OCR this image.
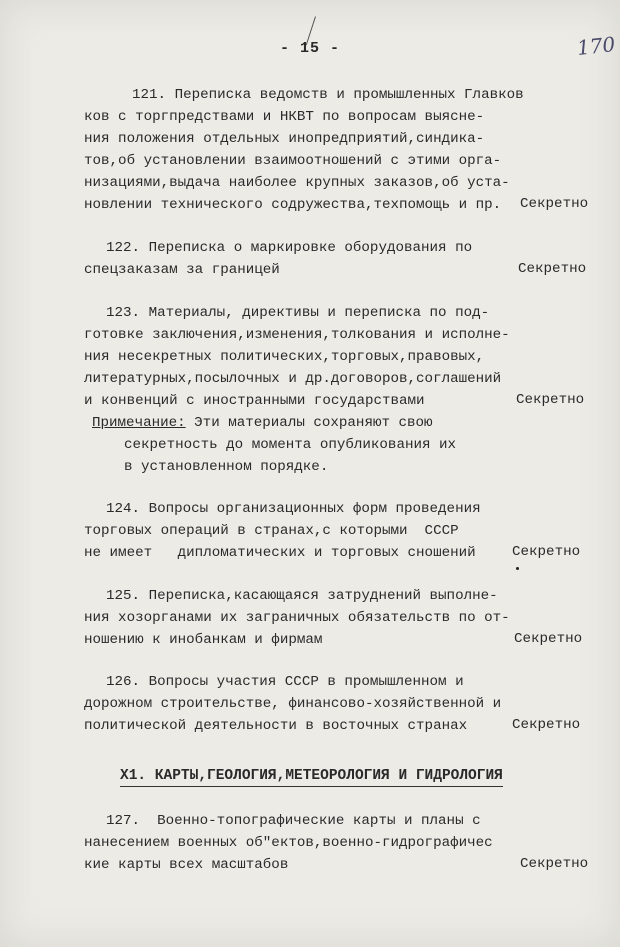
- 15 -	170
121. Переписка ведомств и промышленных Главков
ков с торгпредствами и НКВТ по вопросам выясне-
ния положения отдельных инопредприятий,синдика-
тов,об установлении взаимоотношений с этими орга-
низациями,выдача наиболее крупных заказов,об уста-
новлении технического содружества,техпомощь и пр. Секретно
122. Переписка о маркировке оборудования по
спецзаказам за границей	Секретно
123. Материалы, директивы и переписка по под-
готовке заключения,изменения,толкования и исполне-
ния несекретных политических,торговых,правовых,
литературных,посылочных и др.договоров,соглашений
и конвенций с иностранными государствами	Секретно
Примечание: Эти материалы сохраняют свою
секретность до момента опубликования их
в установленном порядке.
124. Вопросы организационных форм проведения
торговых операций в странах,с которыми  СССР
не имеет   дипломатических и торговых сношений	Секретно
125. Переписка,касающаяся затруднений выполне-
ния хозорганами их заграничных обязательств по от-
ношению к инобанкам и фирмам	Секретно
126. Вопросы участия СССР в промышленном и
дорожном строительстве, финансово-хозяйственной и
политической деятельности в восточных странах	Секретно
Х1. КАРТЫ,ГЕОЛОГИЯ,МЕТЕОРОЛОГИЯ И ГИДРОЛОГИЯ
127.  Военно-топографические карты и планы с
нанесением военных об"ектов,военно-гидрографичес
кие карты всех масштабов	Секретно
